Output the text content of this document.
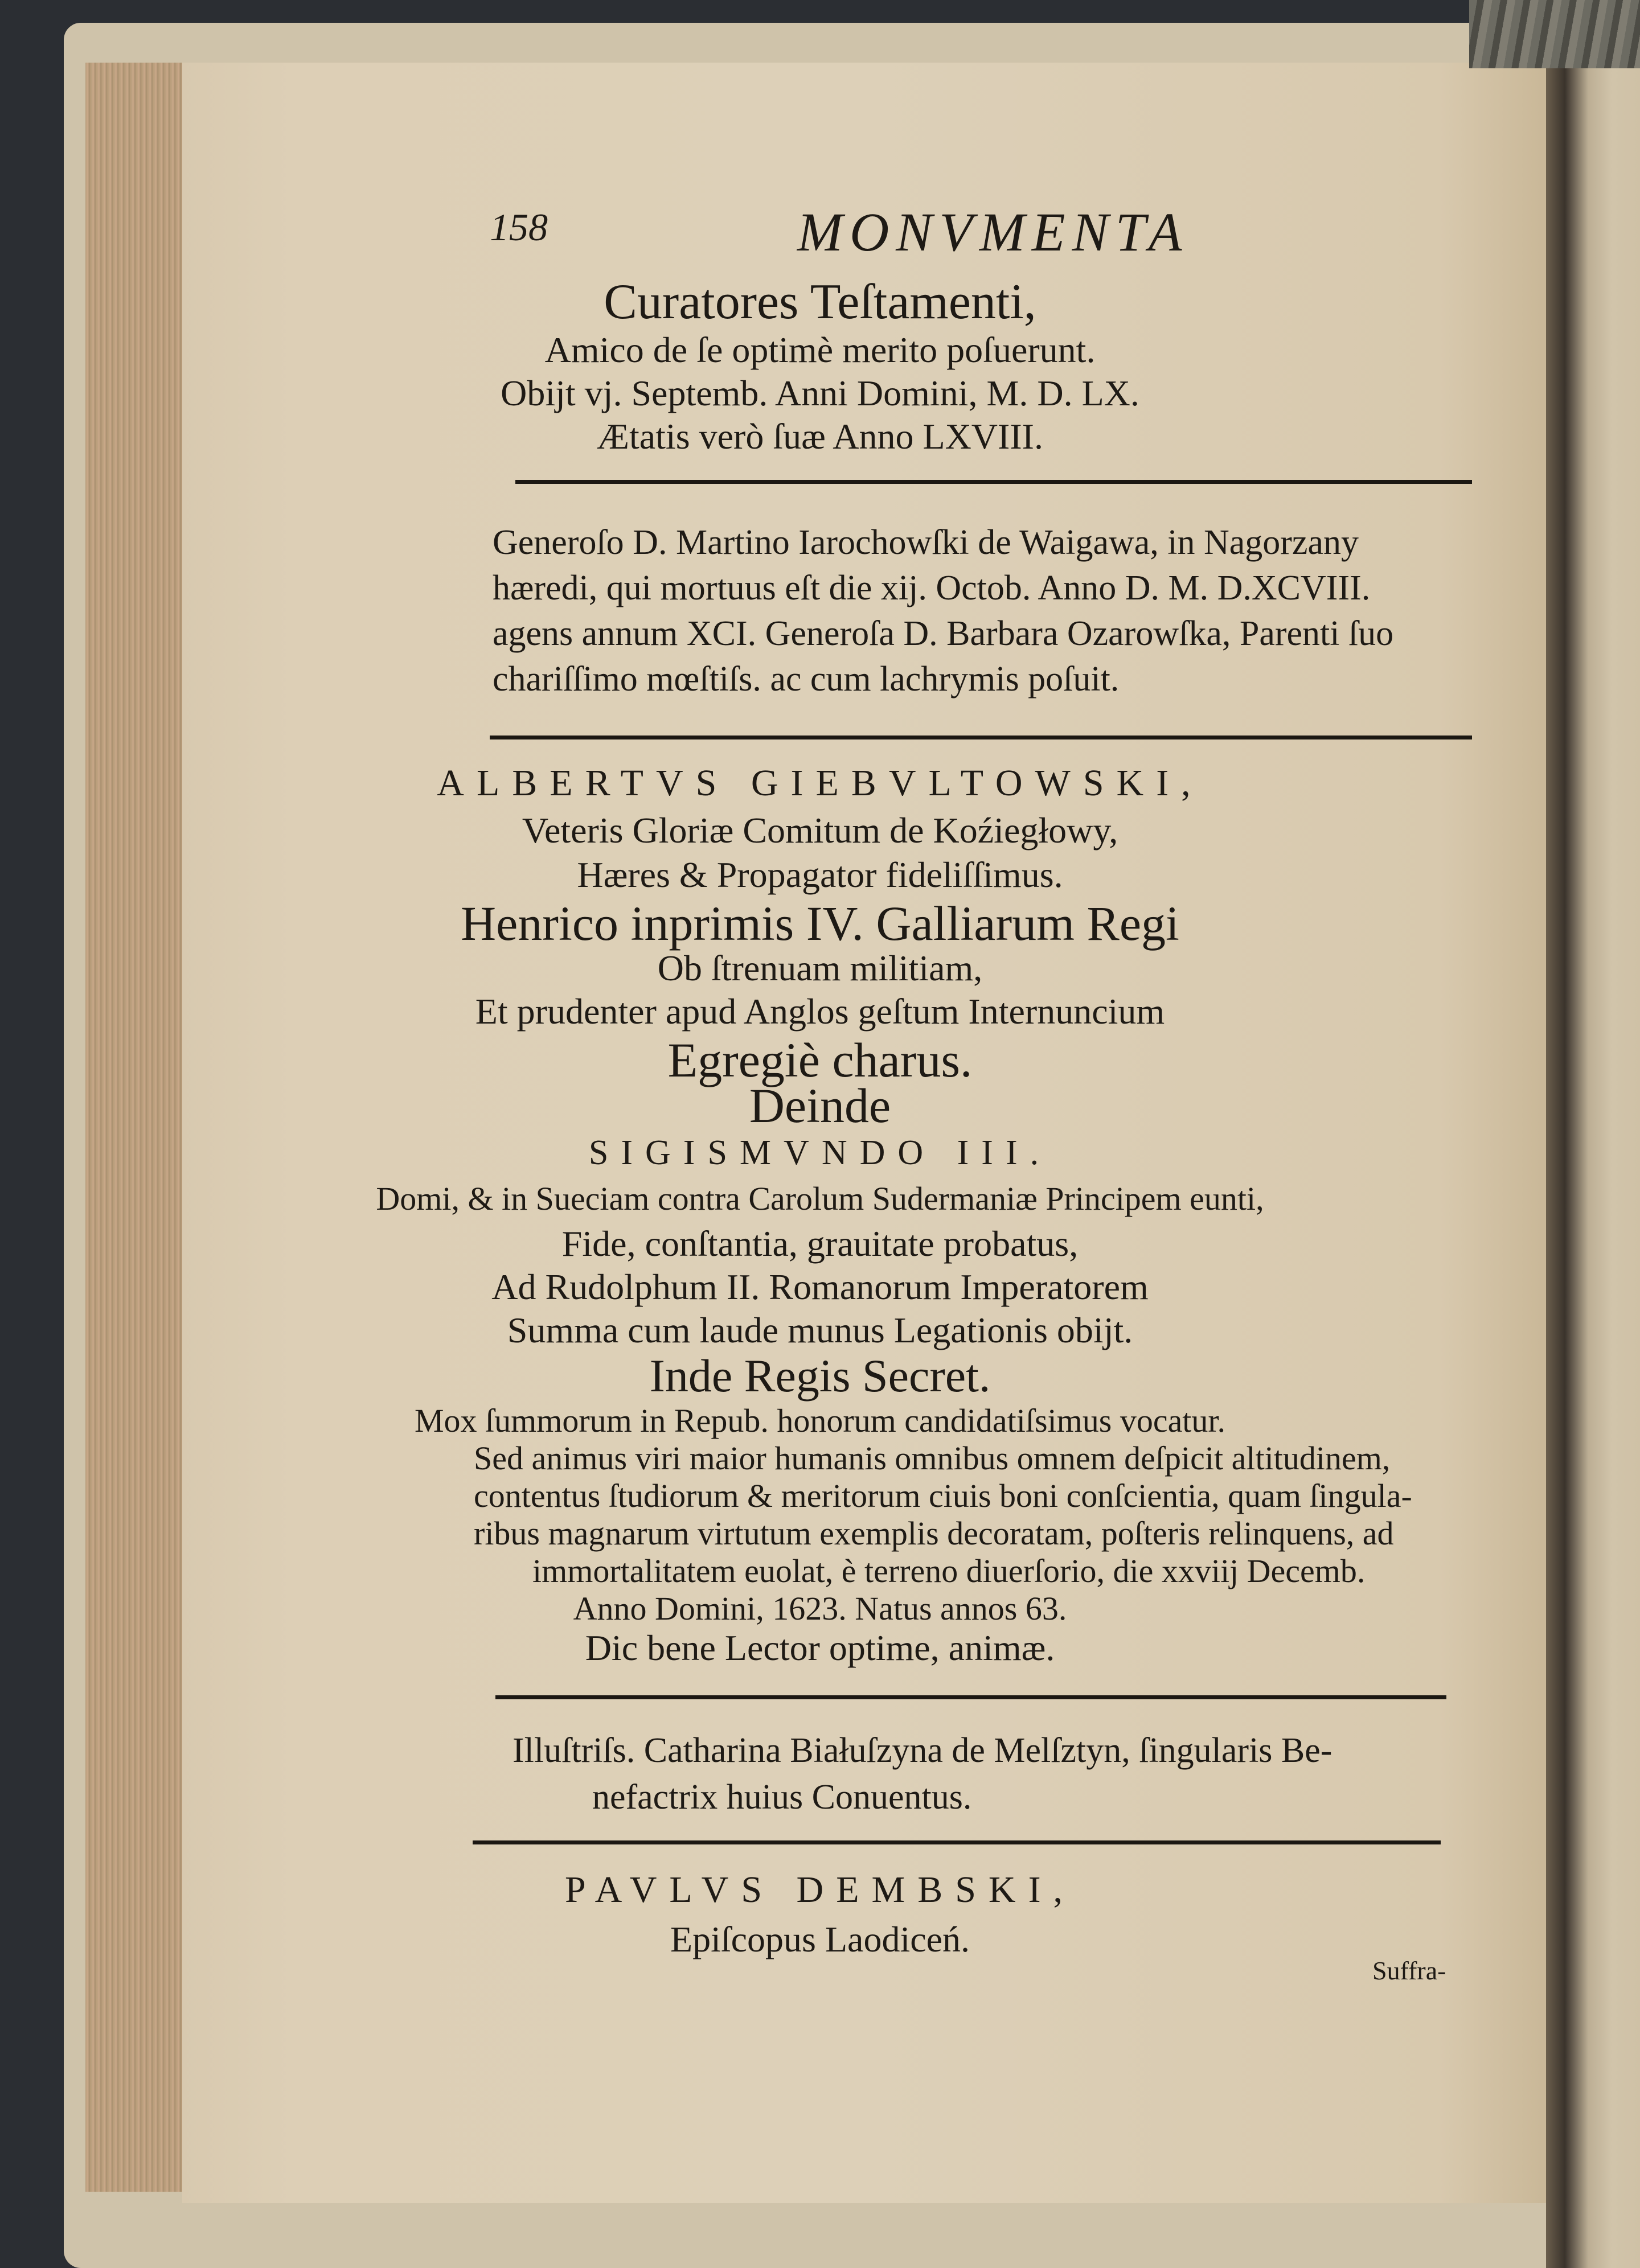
158	MONVMENTA
Curatores Teſtamenti,
Amico de ſe optimè merito poſuerunt.
Obijt vj. Septemb. Anni Domini, M. D. LX.
Ætatis verò ſuæ Anno LXVIII.
Generoſo D. Martino Iarochowſki de Waigawa, in Nagorzany
hæredi, qui mortuus eſt die xij. Octob. Anno D. M. D.XCVIII.
agens annum XCI. Generoſa D. Barbara Ozarowſka, Parenti ſuo
chariſſimo mœſtiſs. ac cum lachrymis poſuit.
ALBERTVS GIEBVLTOWSKI,
Veteris Gloriæ Comitum de Koźiegłowy,
Hæres & Propagator fideliſſimus.
Henrico inprimis IV. Galliarum Regi
Ob ſtrenuam militiam,
Et prudenter apud Anglos geſtum Internuncium
Egregiè charus.
Deinde
SIGISMVNDO III.
Domi, & in Sueciam contra Carolum Sudermaniæ Principem eunti,
Fide, conſtantia, grauitate probatus,
Ad Rudolphum II. Romanorum Imperatorem
Summa cum laude munus Legationis obijt.
Inde Regis Secret.
Mox ſummorum in Repub. honorum candidatiſsimus vocatur.
Sed animus viri maior humanis omnibus omnem deſpicit altitudinem,
contentus ſtudiorum & meritorum ciuis boni conſcientia, quam ſingula-
ribus magnarum virtutum exemplis decoratam, poſteris relinquens, ad
immortalitatem euolat, è terreno diuerſorio, die xxviij Decemb.
Anno Domini, 1623. Natus annos 63.
Dic bene Lector optime, animæ.
Illuſtriſs. Catharina Białuſzyna de Melſztyn, ſingularis Be-
nefactrix huius Conuentus.
PAVLVS DEMBSKI,
Epiſcopus Laodiceń.
Suffra-
